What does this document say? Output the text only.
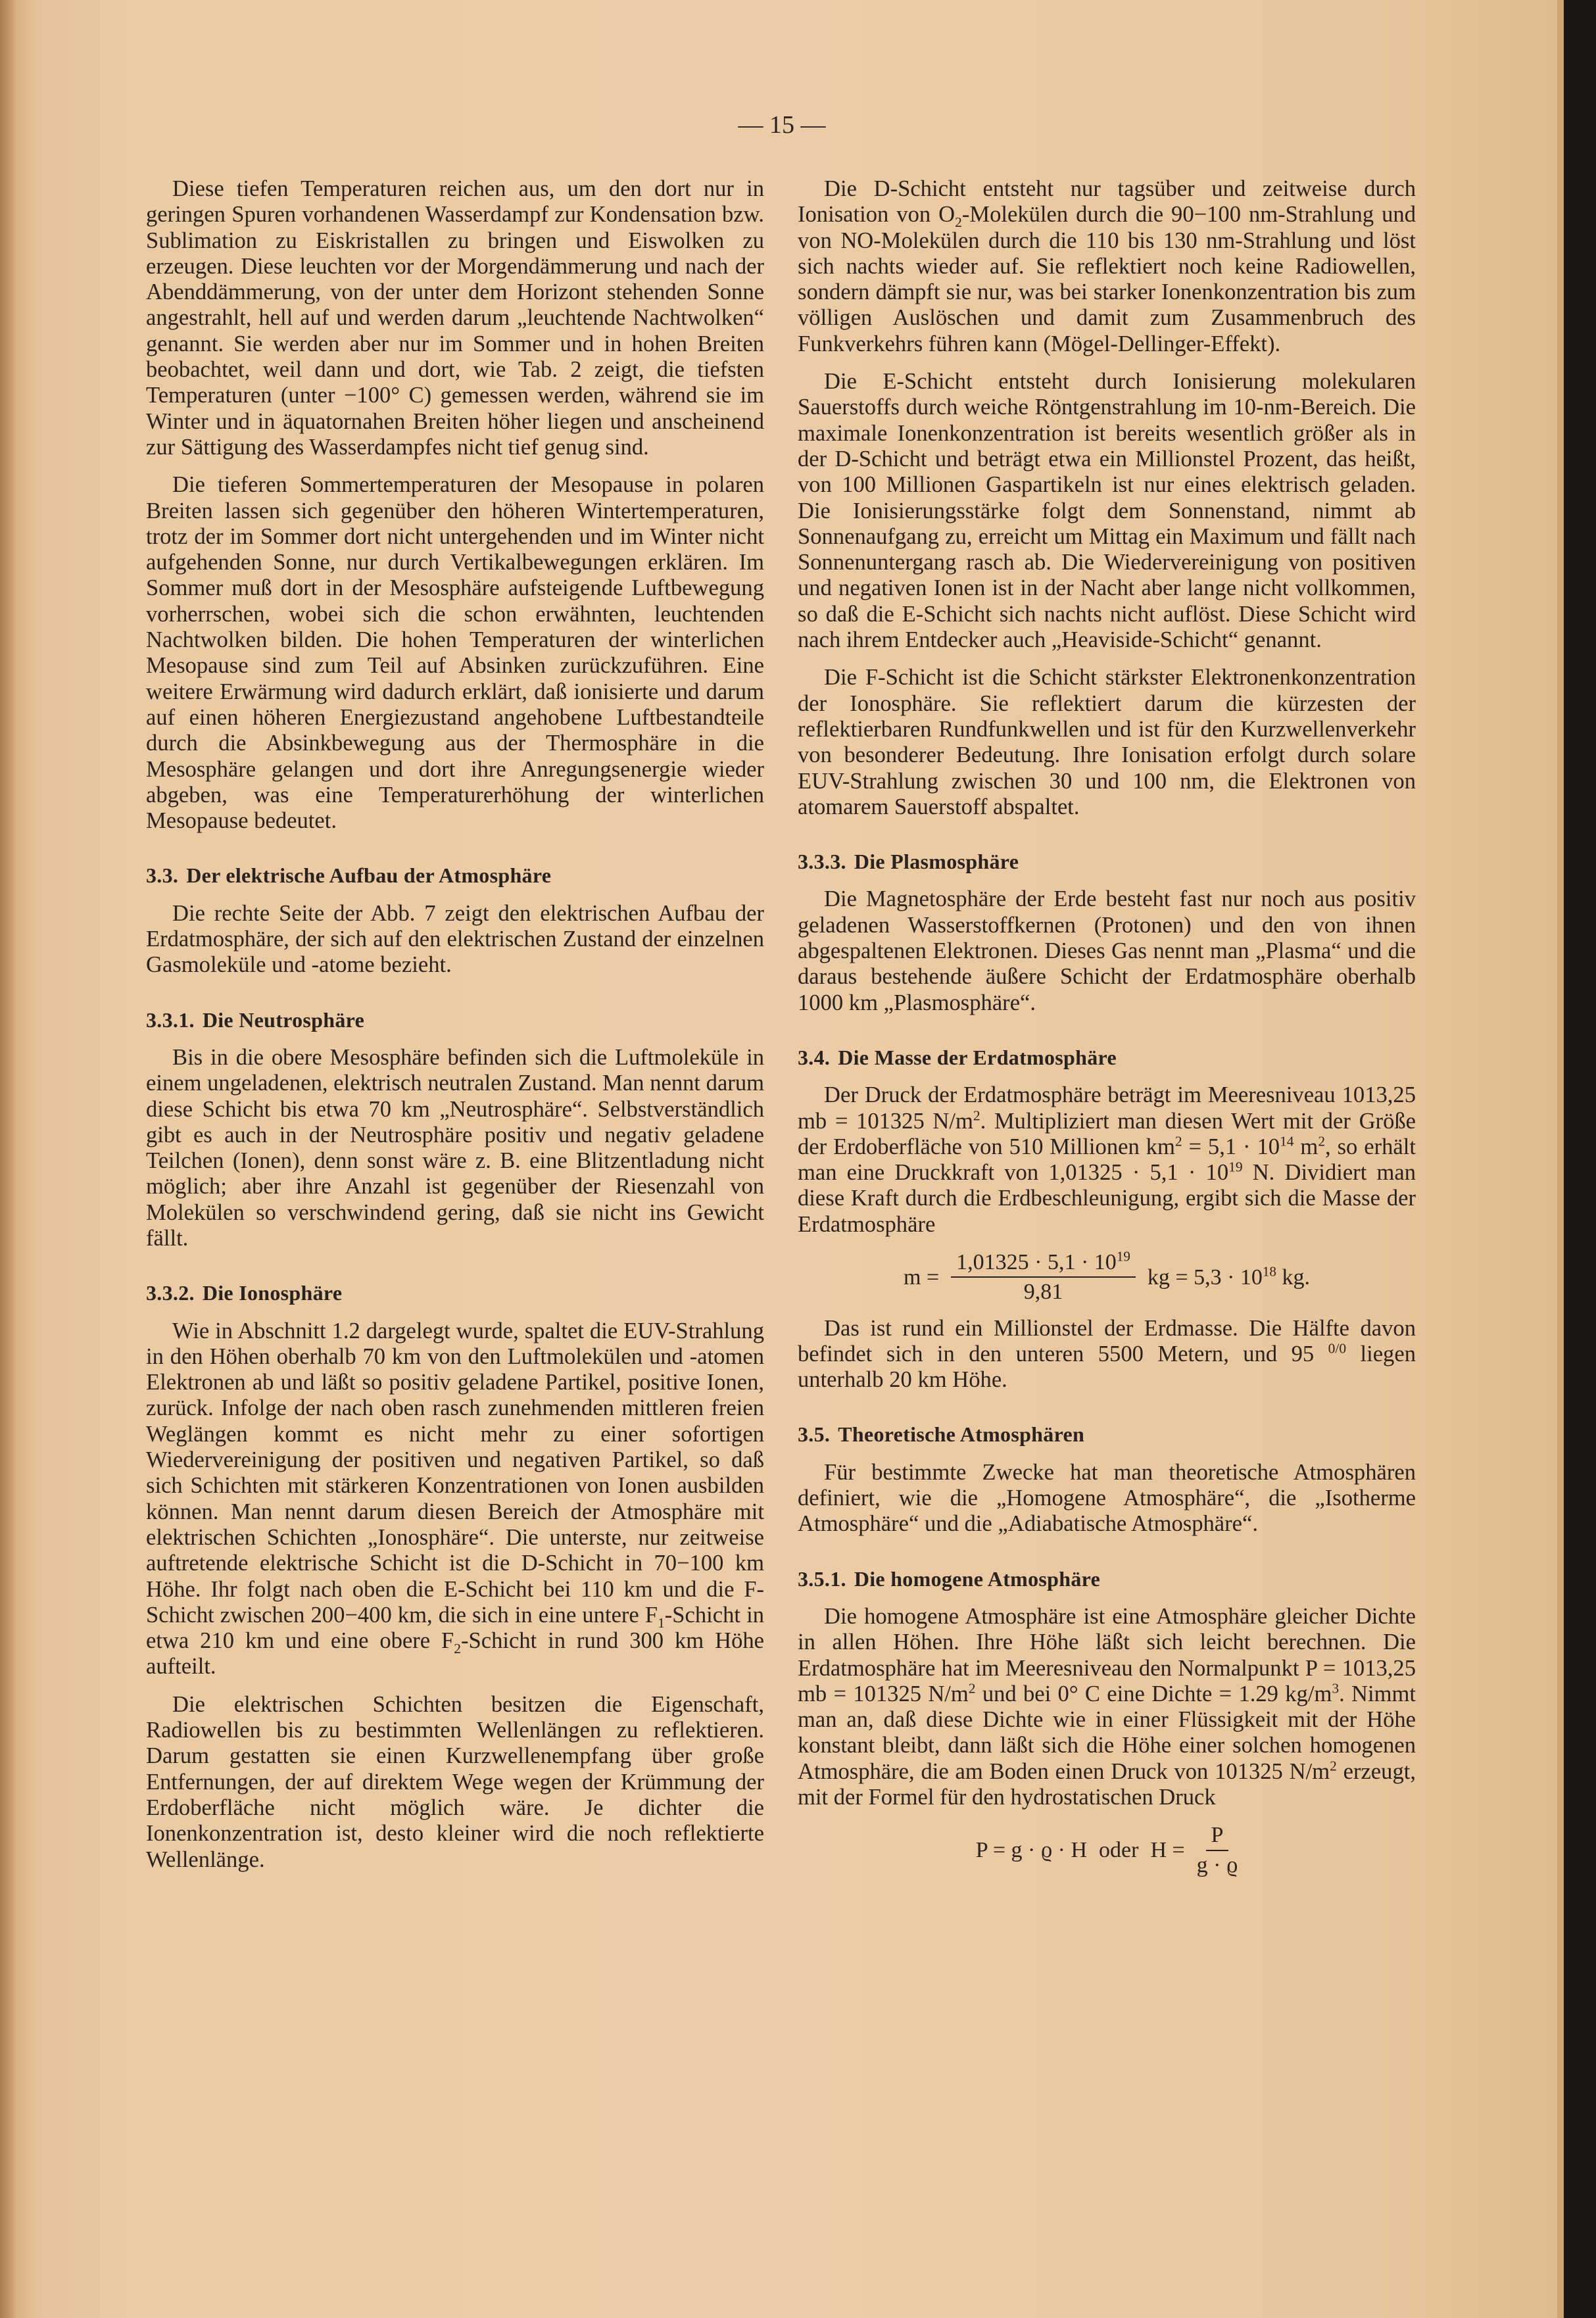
— 15 —

Diese tiefen Temperaturen reichen aus, um den dort nur in geringen Spuren vorhandenen Wasserdampf zur Kondensation bzw. Sublimation zu Eiskristallen zu bringen und Eiswolken zu erzeugen. Diese leuchten vor der Morgendämmerung und nach der Abenddämmerung, von der unter dem Horizont stehenden Sonne angestrahlt, hell auf und werden darum „leuchtende Nachtwolken“ genannt. Sie werden aber nur im Sommer und in hohen Breiten beobachtet, weil dann und dort, wie Tab. 2 zeigt, die tiefsten Temperaturen (unter −100° C) gemessen werden, während sie im Winter und in äquatornahen Breiten höher liegen und anscheinend zur Sättigung des Wasserdampfes nicht tief genug sind.

Die tieferen Sommertemperaturen der Mesopause in polaren Breiten lassen sich gegenüber den höheren Wintertemperaturen, trotz der im Sommer dort nicht untergehenden und im Winter nicht aufgehenden Sonne, nur durch Vertikalbewegungen erklären. Im Sommer muß dort in der Mesosphäre aufsteigende Luftbewegung vorherrschen, wobei sich die schon erwähnten, leuchtenden Nachtwolken bilden. Die hohen Temperaturen der winterlichen Mesopause sind zum Teil auf Absinken zurückzuführen. Eine weitere Erwärmung wird dadurch erklärt, daß ionisierte und darum auf einen höheren Energiezustand angehobene Luftbestandteile durch die Absinkbewegung aus der Thermosphäre in die Mesosphäre gelangen und dort ihre Anregungsenergie wieder abgeben, was eine Temperaturerhöhung der winterlichen Mesopause bedeutet.

3.3. Der elektrische Aufbau der Atmosphäre

Die rechte Seite der Abb. 7 zeigt den elektrischen Aufbau der Erdatmosphäre, der sich auf den elektrischen Zustand der einzelnen Gasmoleküle und -atome bezieht.

3.3.1. Die Neutrosphäre

Bis in die obere Mesosphäre befinden sich die Luftmoleküle in einem ungeladenen, elektrisch neutralen Zustand. Man nennt darum diese Schicht bis etwa 70 km „Neutrosphäre“. Selbstverständlich gibt es auch in der Neutrosphäre positiv und negativ geladene Teilchen (Ionen), denn sonst wäre z. B. eine Blitzentladung nicht möglich; aber ihre Anzahl ist gegenüber der Riesenzahl von Molekülen so verschwindend gering, daß sie nicht ins Gewicht fällt.

3.3.2. Die Ionosphäre

Wie in Abschnitt 1.2 dargelegt wurde, spaltet die EUV-Strahlung in den Höhen oberhalb 70 km von den Luftmolekülen und -atomen Elektronen ab und läßt so positiv geladene Partikel, positive Ionen, zurück. Infolge der nach oben rasch zunehmenden mittleren freien Weglängen kommt es nicht mehr zu einer sofortigen Wiedervereinigung der positiven und negativen Partikel, so daß sich Schichten mit stärkeren Konzentrationen von Ionen ausbilden können. Man nennt darum diesen Bereich der Atmosphäre mit elektrischen Schichten „Ionosphäre“. Die unterste, nur zeitweise auftretende elektrische Schicht ist die D-Schicht in 70−100 km Höhe. Ihr folgt nach oben die E-Schicht bei 110 km und die F-Schicht zwischen 200−400 km, die sich in eine untere $F_1$-Schicht in etwa 210 km und eine obere $F_2$-Schicht in rund 300 km Höhe aufteilt.

Die elektrischen Schichten besitzen die Eigenschaft, Radiowellen bis zu bestimmten Wellenlängen zu reflektieren. Darum gestatten sie einen Kurzwellenempfang über große Entfernungen, der auf direktem Wege wegen der Krümmung der Erdoberfläche nicht möglich wäre. Je dichter die Ionenkonzentration ist, desto kleiner wird die noch reflektierte Wellenlänge.

Die D-Schicht entsteht nur tagsüber und zeitweise durch Ionisation von $O_2$-Molekülen durch die 90−100 nm-Strahlung und von NO-Molekülen durch die 110 bis 130 nm-Strahlung und löst sich nachts wieder auf. Sie reflektiert noch keine Radiowellen, sondern dämpft sie nur, was bei starker Ionenkonzentration bis zum völligen Auslöschen und damit zum Zusammenbruch des Funkverkehrs führen kann (Mögel-Dellinger-Effekt).

Die E-Schicht entsteht durch Ionisierung molekularen Sauerstoffs durch weiche Röntgenstrahlung im 10-nm-Bereich. Die maximale Ionenkonzentration ist bereits wesentlich größer als in der D-Schicht und beträgt etwa ein Millionstel Prozent, das heißt, von 100 Millionen Gaspartikeln ist nur eines elektrisch geladen. Die Ionisierungsstärke folgt dem Sonnenstand, nimmt ab Sonnenaufgang zu, erreicht um Mittag ein Maximum und fällt nach Sonnenuntergang rasch ab. Die Wiedervereinigung von positiven und negativen Ionen ist in der Nacht aber lange nicht vollkommen, so daß die E-Schicht sich nachts nicht auflöst. Diese Schicht wird nach ihrem Entdecker auch „Heaviside-Schicht“ genannt.

Die F-Schicht ist die Schicht stärkster Elektronenkonzentration der Ionosphäre. Sie reflektiert darum die kürzesten der reflektierbaren Rundfunkwellen und ist für den Kurzwellenverkehr von besonderer Bedeutung. Ihre Ionisation erfolgt durch solare EUV-Strahlung zwischen 30 und 100 nm, die Elektronen von atomarem Sauerstoff abspaltet.

3.3.3. Die Plasmosphäre

Die Magnetosphäre der Erde besteht fast nur noch aus positiv geladenen Wasserstoffkernen (Protonen) und den von ihnen abgespaltenen Elektronen. Dieses Gas nennt man „Plasma“ und die daraus bestehende äußere Schicht der Erdatmosphäre oberhalb 1000 km „Plasmosphäre“.

3.4. Die Masse der Erdatmosphäre

Der Druck der Erdatmosphäre beträgt im Meeresniveau 1013,25 mb = 101325 $N/m^2$. Multipliziert man diesen Wert mit der Größe der Erdoberfläche von 510 Millionen $km^2 = 5,1 \cdot 10^{14}$ $m^2$, so erhält man eine Druckkraft von $1,01325 \cdot 5,1 \cdot 10^{19}$ N. Dividiert man diese Kraft durch die Erdbeschleunigung, ergibt sich die Masse der Erdatmosphäre

$m = \frac{1,01325 \cdot 5,1 \cdot 10^{19}}{9,81}$ kg = $5,3 \cdot 10^{18}$ kg.

Das ist rund ein Millionstel der Erdmasse. Die Hälfte davon befindet sich in den unteren 5500 Metern, und 95 $^{0/0}$ liegen unterhalb 20 km Höhe.

3.5. Theoretische Atmosphären

Für bestimmte Zwecke hat man theoretische Atmosphären definiert, wie die „Homogene Atmosphäre“, die „Isotherme Atmosphäre“ und die „Adiabatische Atmosphäre“.

3.5.1. Die homogene Atmosphäre

Die homogene Atmosphäre ist eine Atmosphäre gleicher Dichte in allen Höhen. Ihre Höhe läßt sich leicht berechnen. Die Erdatmosphäre hat im Meeresniveau den Normalpunkt P = 1013,25 mb = 101325 $N/m^2$ und bei 0° C eine Dichte = 1.29 $kg/m^3$. Nimmt man an, daß diese Dichte wie in einer Flüssigkeit mit der Höhe konstant bleibt, dann läßt sich die Höhe einer solchen homogenen Atmosphäre, die am Boden einen Druck von 101325 $N/m^2$ erzeugt, mit der Formel für den hydrostatischen Druck

P = g · ϱ · H oder $H = \frac{P}{g \cdot ϱ}$
